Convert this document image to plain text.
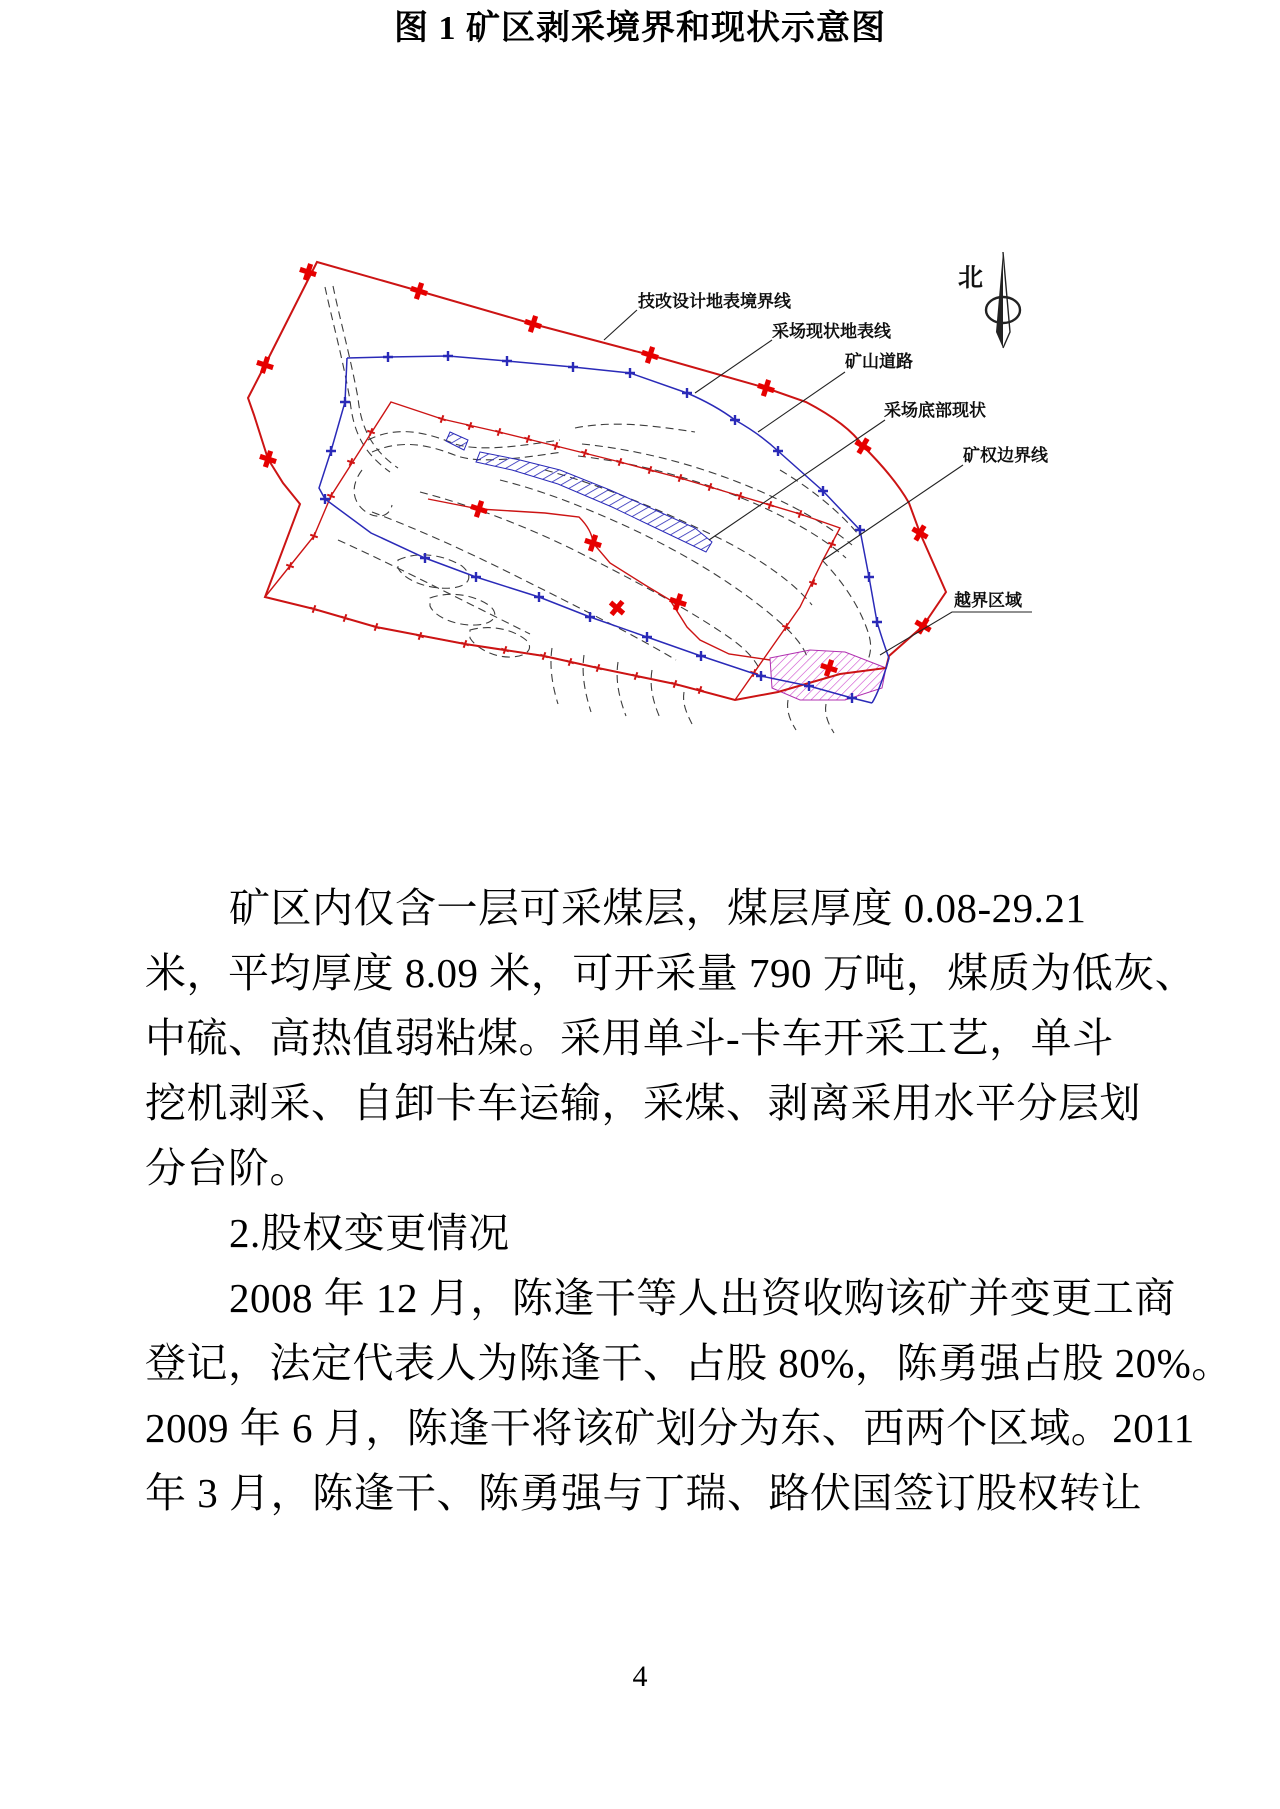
技改设计地表境界线
采场现状地表线
矿山道路
采场底部现状
矿权边界线
越界区域
北
图 1 矿区剥采境界和现状示意图
矿区内仅含一层可采煤层，煤层厚度 0.08-29.21
米，平均厚度 8.09 米，可开采量 790 万吨，煤质为低灰、
中硫、高热值弱粘煤。采用单斗-卡车开采工艺，单斗
挖机剥采、自卸卡车运输，采煤、剥离采用水平分层划
分台阶。
2.股权变更情况
2008 年 12 月，陈逢干等人出资收购该矿并变更工商
登记，法定代表人为陈逢干、占股 80%，陈勇强占股 20%。
2009 年 6 月，陈逢干将该矿划分为东、西两个区域。2011
年 3 月，陈逢干、陈勇强与丁瑞、路伏国签订股权转让
4
